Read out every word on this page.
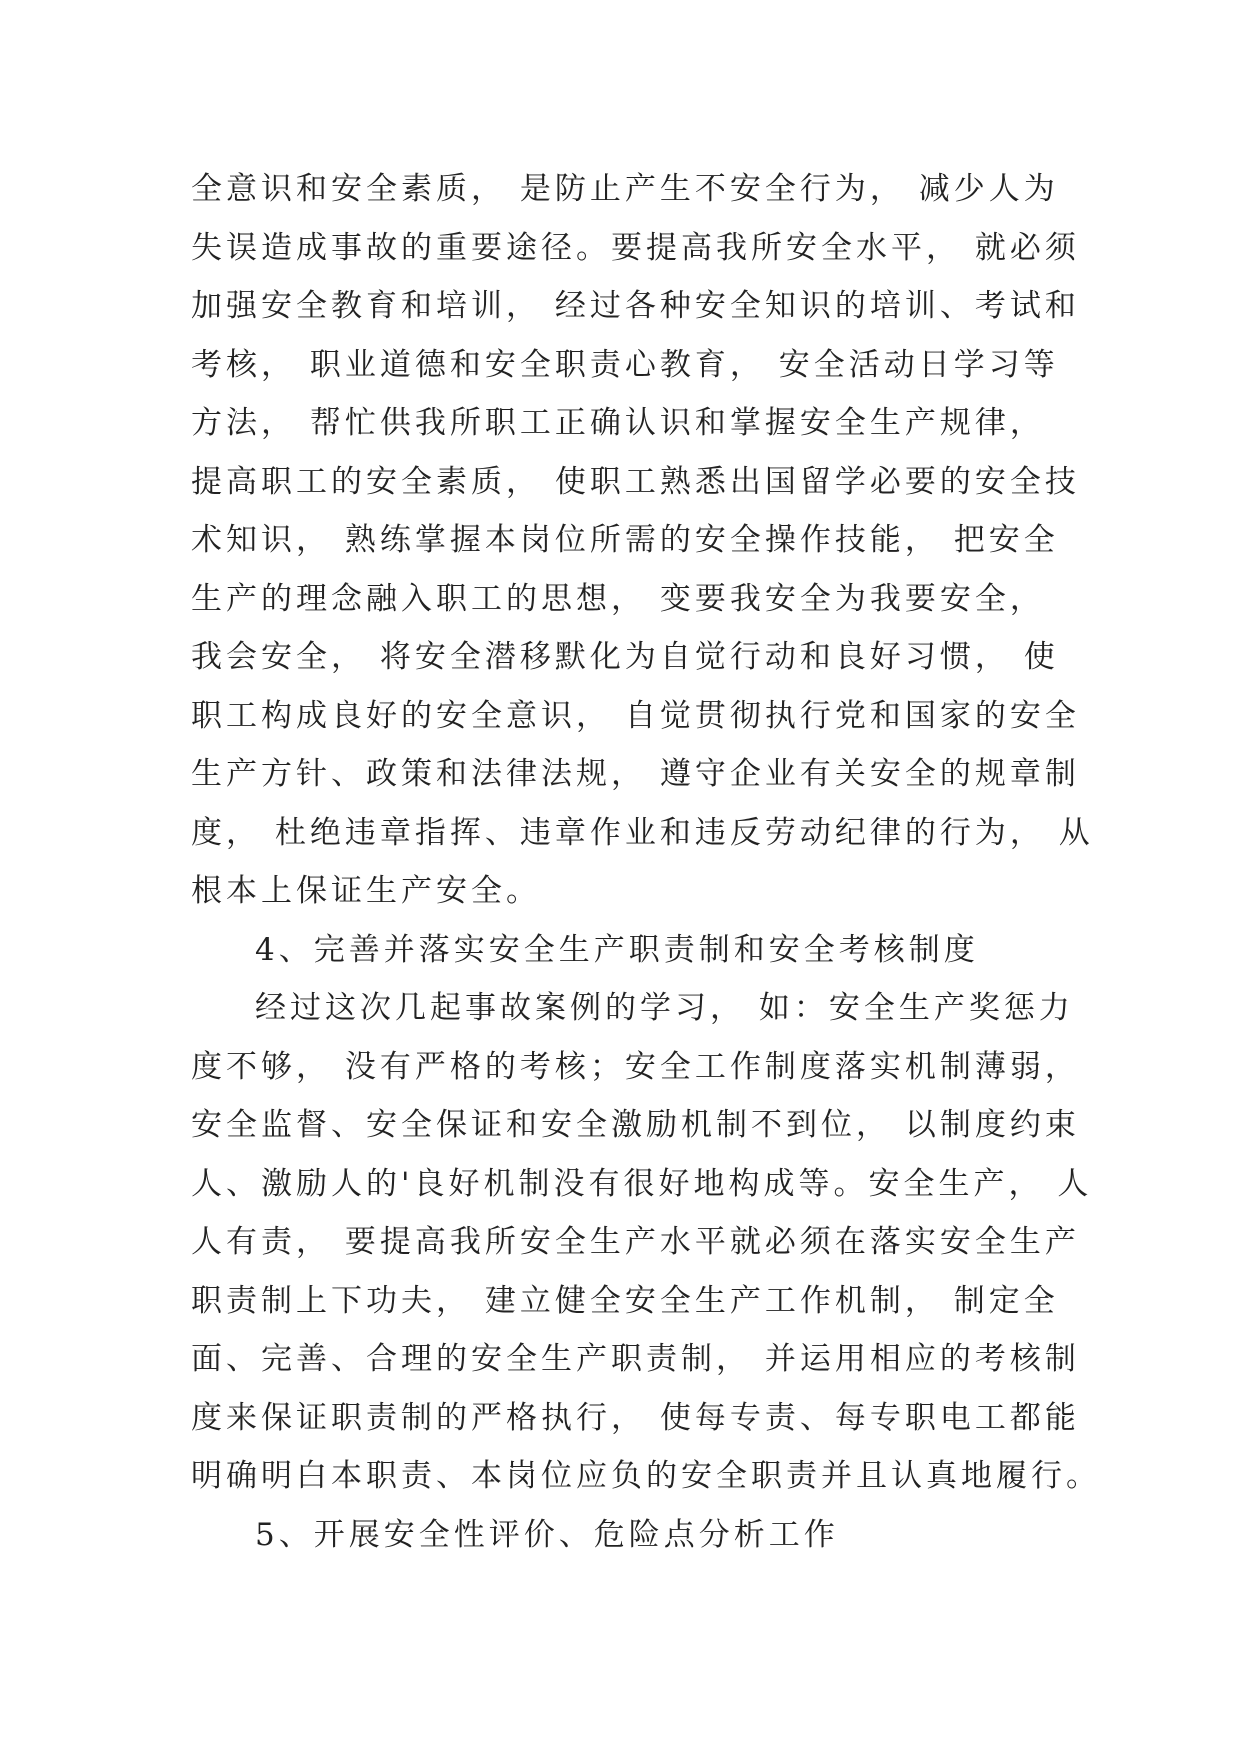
全意识和安全素质， 是防止产生不安全行为， 减少人为
失误造成事故的重要途径。要提高我所安全水平， 就必须
加强安全教育和培训， 经过各种安全知识的培训、考试和
考核， 职业道德和安全职责心教育， 安全活动日学习等
方法， 帮忙供我所职工正确认识和掌握安全生产规律，
提高职工的安全素质， 使职工熟悉出国留学必要的安全技
术知识， 熟练掌握本岗位所需的安全操作技能， 把安全
生产的理念融入职工的思想， 变要我安全为我要安全，
我会安全， 将安全潜移默化为自觉行动和良好习惯， 使
职工构成良好的安全意识， 自觉贯彻执行党和国家的安全
生产方针、政策和法律法规， 遵守企业有关安全的规章制
度， 杜绝违章指挥、违章作业和违反劳动纪律的行为， 从
根本上保证生产安全。
4、完善并落实安全生产职责制和安全考核制度
经过这次几起事故案例的学习， 如：安全生产奖惩力
度不够， 没有严格的考核；安全工作制度落实机制薄弱，
安全监督、安全保证和安全激励机制不到位， 以制度约束
人、激励人的'良好机制没有很好地构成等。安全生产， 人
人有责， 要提高我所安全生产水平就必须在落实安全生产
职责制上下功夫， 建立健全安全生产工作机制， 制定全
面、完善、合理的安全生产职责制， 并运用相应的考核制
度来保证职责制的严格执行， 使每专责、每专职电工都能
明确明白本职责、本岗位应负的安全职责并且认真地履行。
5、开展安全性评价、危险点分析工作
